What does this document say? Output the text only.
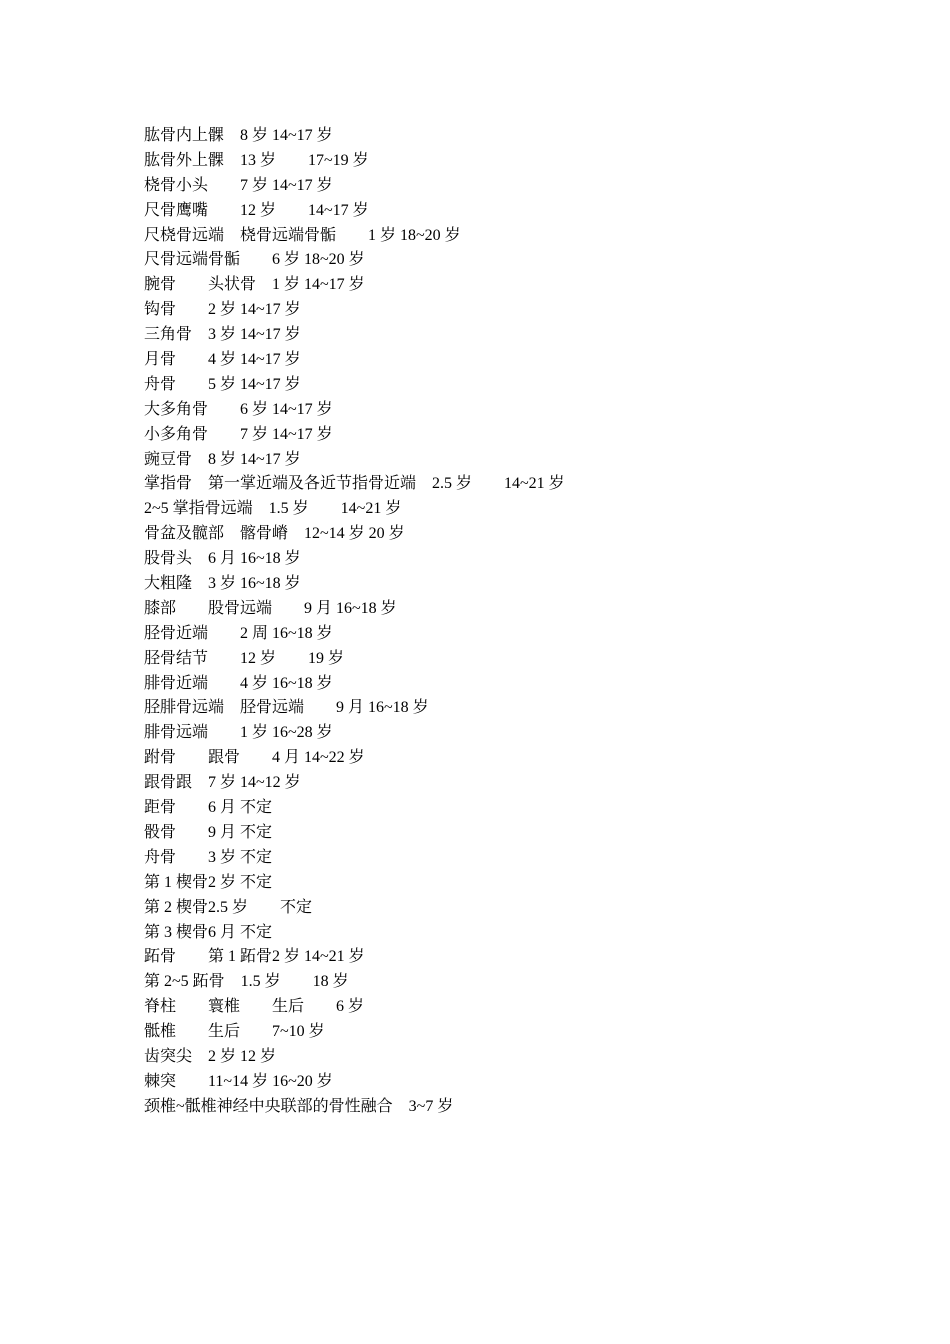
肱骨内上髁　8 岁 14~17 岁
肱骨外上髁　13 岁　　17~19 岁
桡骨小头　　7 岁 14~17 岁
尺骨鹰嘴　　12 岁　　14~17 岁
尺桡骨远端　桡骨远端骨骺　　1 岁 18~20 岁
尺骨远端骨骺　　6 岁 18~20 岁
腕骨　　头状骨　1 岁 14~17 岁
钩骨　　2 岁 14~17 岁
三角骨　3 岁 14~17 岁
月骨　　4 岁 14~17 岁
舟骨　　5 岁 14~17 岁
大多角骨　　6 岁 14~17 岁
小多角骨　　7 岁 14~17 岁
豌豆骨　8 岁 14~17 岁
掌指骨　第一掌近端及各近节指骨近端　2.5 岁　　14~21 岁
2~5 掌指骨远端　1.5 岁　　14~21 岁
骨盆及髋部　髂骨嵴　12~14 岁 20 岁
股骨头　6 月 16~18 岁
大粗隆　3 岁 16~18 岁
膝部　　股骨远端　　9 月 16~18 岁
胫骨近端　　2 周 16~18 岁
胫骨结节　　12 岁　　19 岁
腓骨近端　　4 岁 16~18 岁
胫腓骨远端　胫骨远端　　9 月 16~18 岁
腓骨远端　　1 岁 16~28 岁
跗骨　　跟骨　　4 月 14~22 岁
跟骨跟　7 岁 14~12 岁
距骨　　6 月 不定
骰骨　　9 月 不定
舟骨　　3 岁 不定
第 1 楔骨2 岁 不定
第 2 楔骨2.5 岁　　不定
第 3 楔骨6 月 不定
跖骨　　第 1 跖骨2 岁 14~21 岁
第 2~5 跖骨　1.5 岁　　18 岁
脊柱　　寰椎　　生后　　6 岁
骶椎　　生后　　7~10 岁
齿突尖　2 岁 12 岁
棘突　　11~14 岁 16~20 岁
颈椎~骶椎神经中央联部的骨性融合　3~7 岁
